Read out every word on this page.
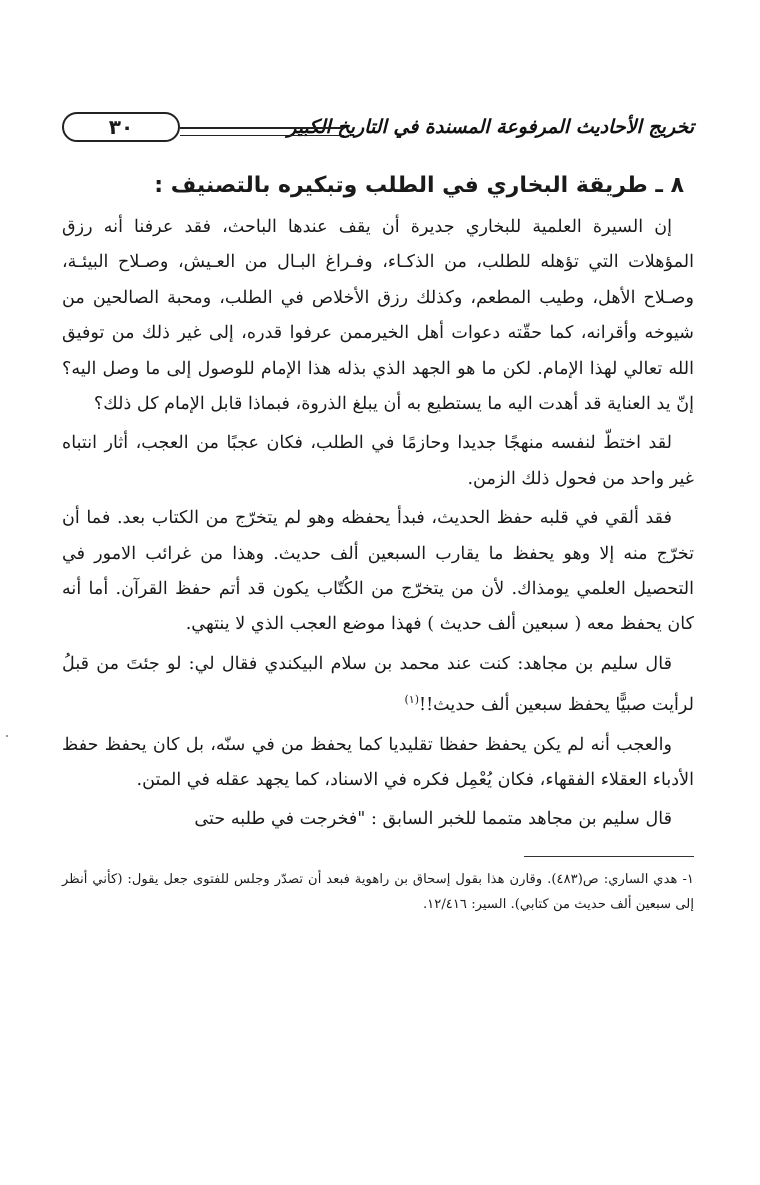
تخريج الأحاديث المرفوعة المسندة في التاريخ الكبير
٣٠
٨ ـ طريقة البخاري في الطلب وتبكيره بالتصنيف :

إن السيرة العلمية للبخاري جديرة أن يقف عندها الباحث، فقد عرفنا أنه رزق المؤهلات التي تؤهله للطلب، من الذكـاء، وفـراغ البـال من العـيش، وصـلاح البيئـة، وصـلاح الأهل، وطيب المطعم، وكذلك رزق الأخلاص في الطلب، ومحبة الصالحين من شيوخه وأقرانه، كما حقّته دعوات أهل الخيرممن عرفوا قدره، إلى غير ذلك من توفيق الله تعالي لهذا الإمام. لكن ما هو الجهد الذي بذله هذا الإمام للوصول إلى ما وصل اليه؟ إنّ يد العناية قد أهدت اليه ما يستطيع به أن يبلغ الذروة، فبماذا قابل الإمام كل ذلك؟

لقد اختطّ لنفسه منهجًا جديدا وحازمًا في الطلب، فكان عجبًا من العجب، أثار انتباه غير واحد من فحول ذلك الزمن.

فقد ألقي في قلبه حفظ الحديث، فبدأ يحفظه وهو لم يتخرّج من الكتاب بعد. فما أن تخرّج منه إلا وهو يحفظ ما يقارب السبعين ألف حديث. وهذا من غرائب الامور في التحصيل العلمي يومذاك. لأن من يتخرّج من الكُتّاب يكون قد أتم حفظ القرآن. أما أنه كان يحفظ معه ( سبعين ألف حديث ) فهذا موضع العجب الذي لا ينتهي.

قال سليم بن مجاهد: كنت عند محمد بن سلام البيكندي فقال لي: لو جئتَ من قبلُ لرأيت صبيًّا يحفظ سبعين ألف حديث!!$^{(١)}$

والعجب أنه لم يكن يحفظ حفظا تقليديا كما يحفظ من في سنّه، بل كان يحفظ حفظ الأدباء العقلاء الفقهاء، فكان يُعْمِل فكره في الاسناد، كما يجهد عقله في المتن.

قال سليم بن مجاهد متمما للخبر السابق : "فخرجت في طلبه حتى

١- هدي الساري: ص(٤٨٣). وقارن هذا بقول إسحاق بن راهوية فبعد أن تصدّر وجلس للفتوى جعل يقول: (كأني أنظر إلى سبعين ألف حديث من كتابي). السير: ١٢/٤١٦.
